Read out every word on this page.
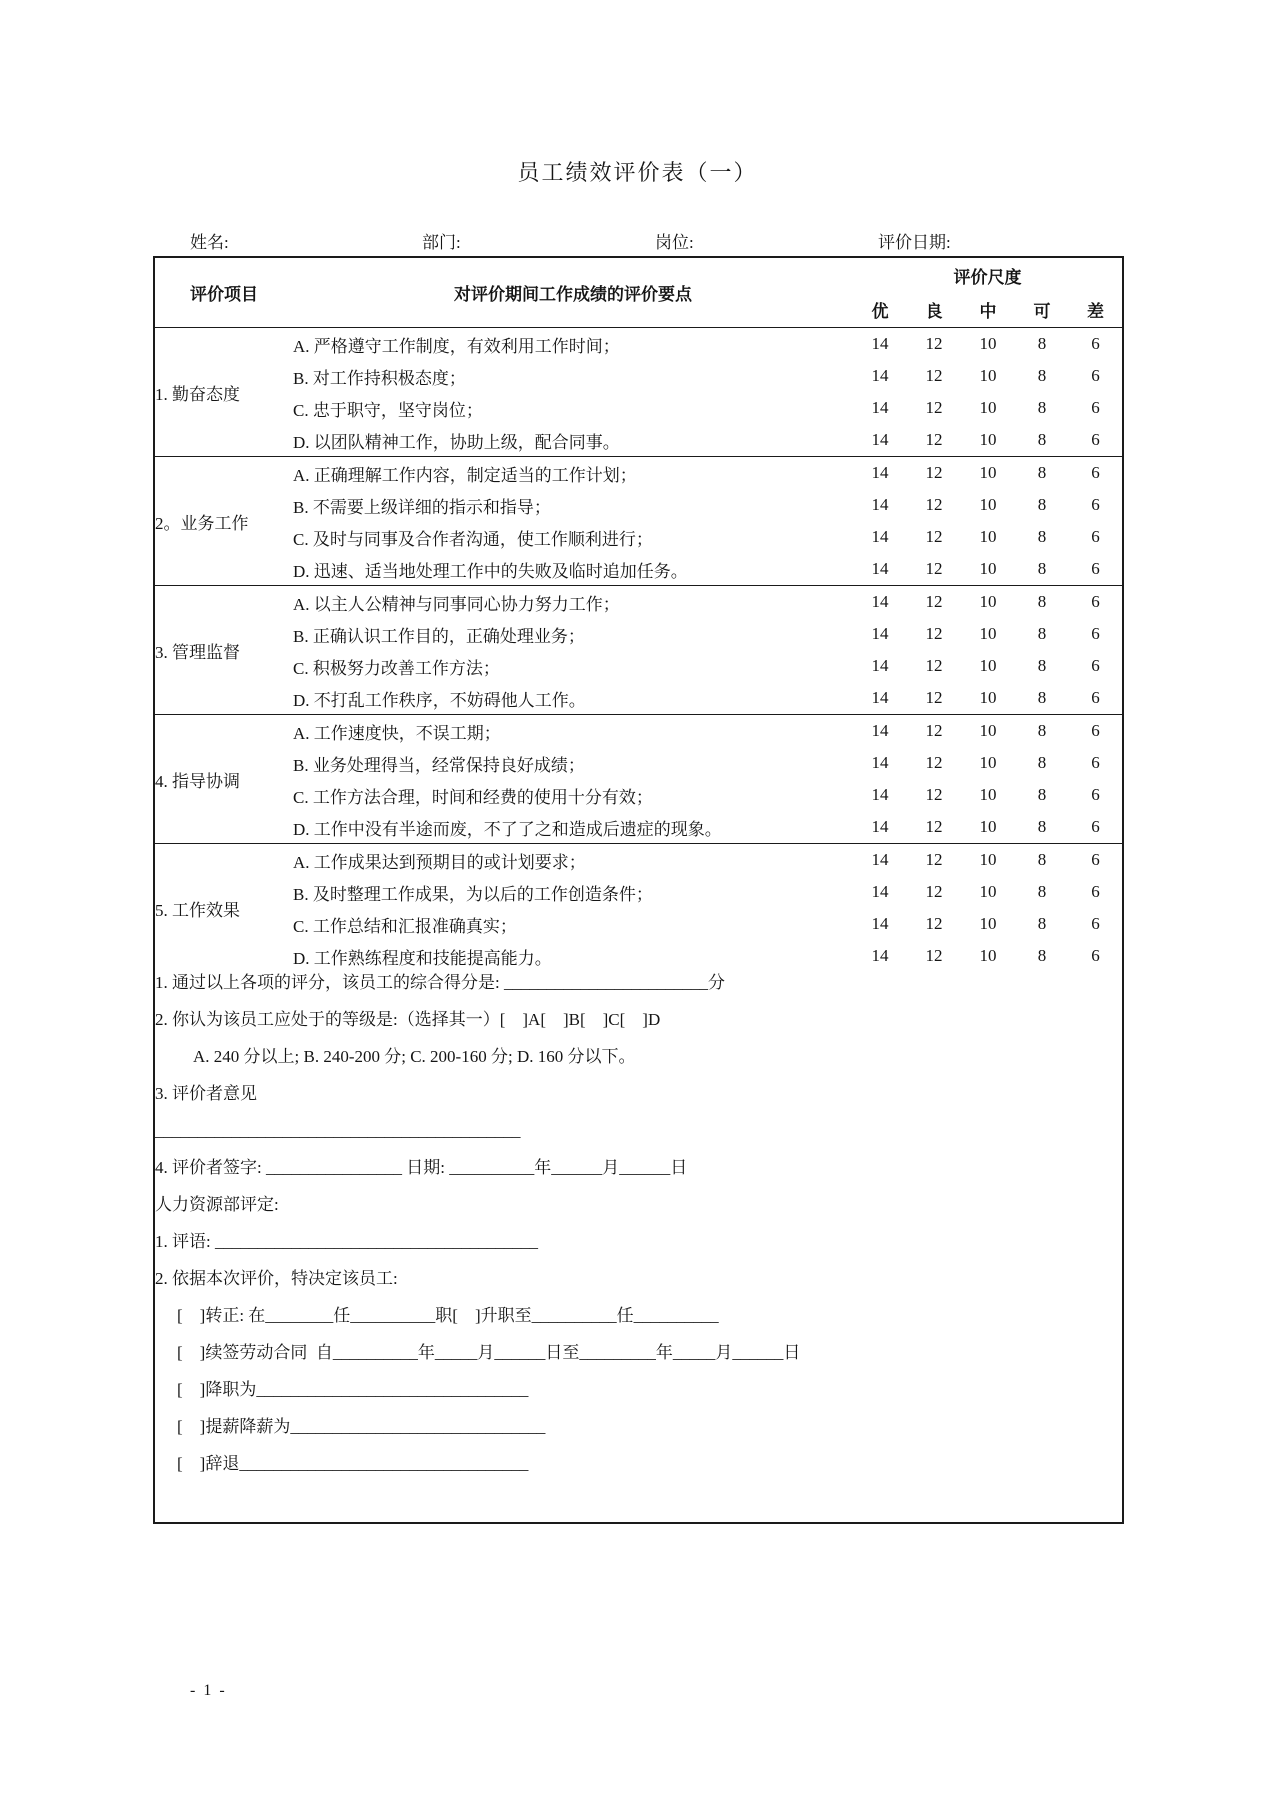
员工绩效评价表（一）
姓名:	部门:	岗位:	评价日期:
评价项目	对评价期间工作成绩的评价要点	评价尺度				
		优	良	中	可	差
1. 勤奋态度	A. 严格遵守工作制度，有效利用工作时间；	14	12	10	8	6
	B. 对工作持积极态度；	14	12	10	8	6
	C. 忠于职守，坚守岗位；	14	12	10	8	6
	D. 以团队精神工作，协助上级，配合同事。	14	12	10	8	6
2。业务工作	A. 正确理解工作内容，制定适当的工作计划；	14	12	10	8	6
	B. 不需要上级详细的指示和指导；	14	12	10	8	6
	C. 及时与同事及合作者沟通，使工作顺利进行；	14	12	10	8	6
	D. 迅速、适当地处理工作中的失败及临时追加任务。	14	12	10	8	6
3. 管理监督	A. 以主人公精神与同事同心协力努力工作；	14	12	10	8	6
	B. 正确认识工作目的，正确处理业务；	14	12	10	8	6
	C. 积极努力改善工作方法；	14	12	10	8	6
	D. 不打乱工作秩序，不妨碍他人工作。	14	12	10	8	6
4. 指导协调	A. 工作速度快，不误工期；	14	12	10	8	6
	B. 业务处理得当，经常保持良好成绩；	14	12	10	8	6
	C. 工作方法合理，时间和经费的使用十分有效；	14	12	10	8	6
	D. 工作中没有半途而废，不了了之和造成后遗症的现象。	14	12	10	8	6
5. 工作效果	A. 工作成果达到预期目的或计划要求；	14	12	10	8	6
	B. 及时整理工作成果，为以后的工作创造条件；	14	12	10	8	6
	C. 工作总结和汇报准确真实；	14	12	10	8	6
	D. 工作熟练程度和技能提高能力。	14	12	10	8	6

1. 通过以上各项的评分，该员工的综合得分是: ________________________分
2. 你认为该员工应处于的等级是:（选择其一）[　]A[　]B[　]C[　]D
A. 240 分以上; B. 240-200 分; C. 200-160 分; D. 160 分以下。
3. 评价者意见
___________________________________________
4. 评价者签字: ________________ 日期: __________年______月______日
人力资源部评定:
1. 评语: ______________________________________
2. 依据本次评价，特决定该员工:
[　]转正: 在________任__________职[　]升职至__________任__________
[　]续签劳动合同  自__________年_____月______日至_________年_____月______日
[　]降职为________________________________
[　]提薪降薪为______________________________
[　]辞退__________________________________
- 1 -
